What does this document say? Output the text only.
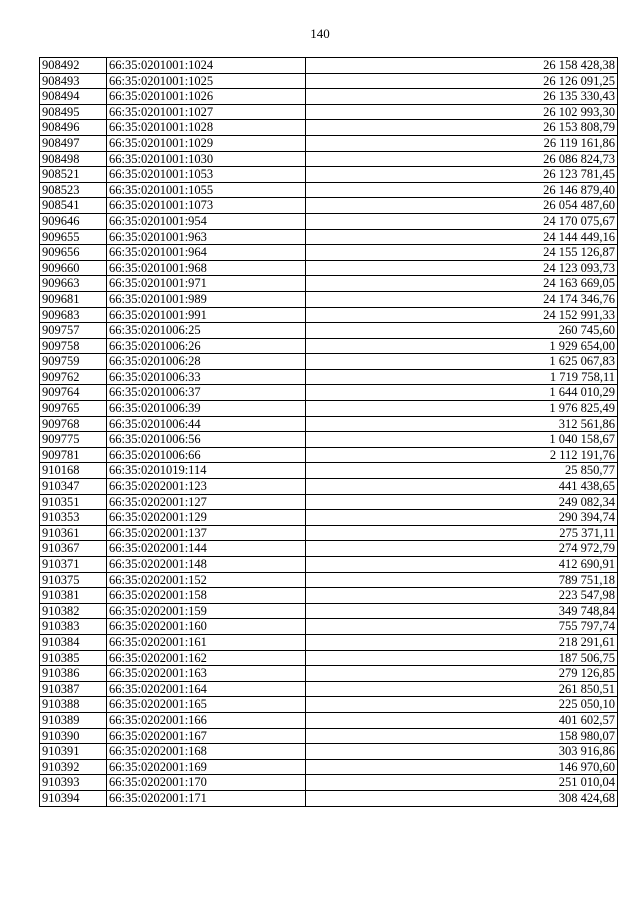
140
908492	66:35:0201001:1024	26 158 428,38
908493	66:35:0201001:1025	26 126 091,25
908494	66:35:0201001:1026	26 135 330,43
908495	66:35:0201001:1027	26 102 993,30
908496	66:35:0201001:1028	26 153 808,79
908497	66:35:0201001:1029	26 119 161,86
908498	66:35:0201001:1030	26 086 824,73
908521	66:35:0201001:1053	26 123 781,45
908523	66:35:0201001:1055	26 146 879,40
908541	66:35:0201001:1073	26 054 487,60
909646	66:35:0201001:954	24 170 075,67
909655	66:35:0201001:963	24 144 449,16
909656	66:35:0201001:964	24 155 126,87
909660	66:35:0201001:968	24 123 093,73
909663	66:35:0201001:971	24 163 669,05
909681	66:35:0201001:989	24 174 346,76
909683	66:35:0201001:991	24 152 991,33
909757	66:35:0201006:25	260 745,60
909758	66:35:0201006:26	1 929 654,00
909759	66:35:0201006:28	1 625 067,83
909762	66:35:0201006:33	1 719 758,11
909764	66:35:0201006:37	1 644 010,29
909765	66:35:0201006:39	1 976 825,49
909768	66:35:0201006:44	312 561,86
909775	66:35:0201006:56	1 040 158,67
909781	66:35:0201006:66	2 112 191,76
910168	66:35:0201019:114	25 850,77
910347	66:35:0202001:123	441 438,65
910351	66:35:0202001:127	249 082,34
910353	66:35:0202001:129	290 394,74
910361	66:35:0202001:137	275 371,11
910367	66:35:0202001:144	274 972,79
910371	66:35:0202001:148	412 690,91
910375	66:35:0202001:152	789 751,18
910381	66:35:0202001:158	223 547,98
910382	66:35:0202001:159	349 748,84
910383	66:35:0202001:160	755 797,74
910384	66:35:0202001:161	218 291,61
910385	66:35:0202001:162	187 506,75
910386	66:35:0202001:163	279 126,85
910387	66:35:0202001:164	261 850,51
910388	66:35:0202001:165	225 050,10
910389	66:35:0202001:166	401 602,57
910390	66:35:0202001:167	158 980,07
910391	66:35:0202001:168	303 916,86
910392	66:35:0202001:169	146 970,60
910393	66:35:0202001:170	251 010,04
910394	66:35:0202001:171	308 424,68
